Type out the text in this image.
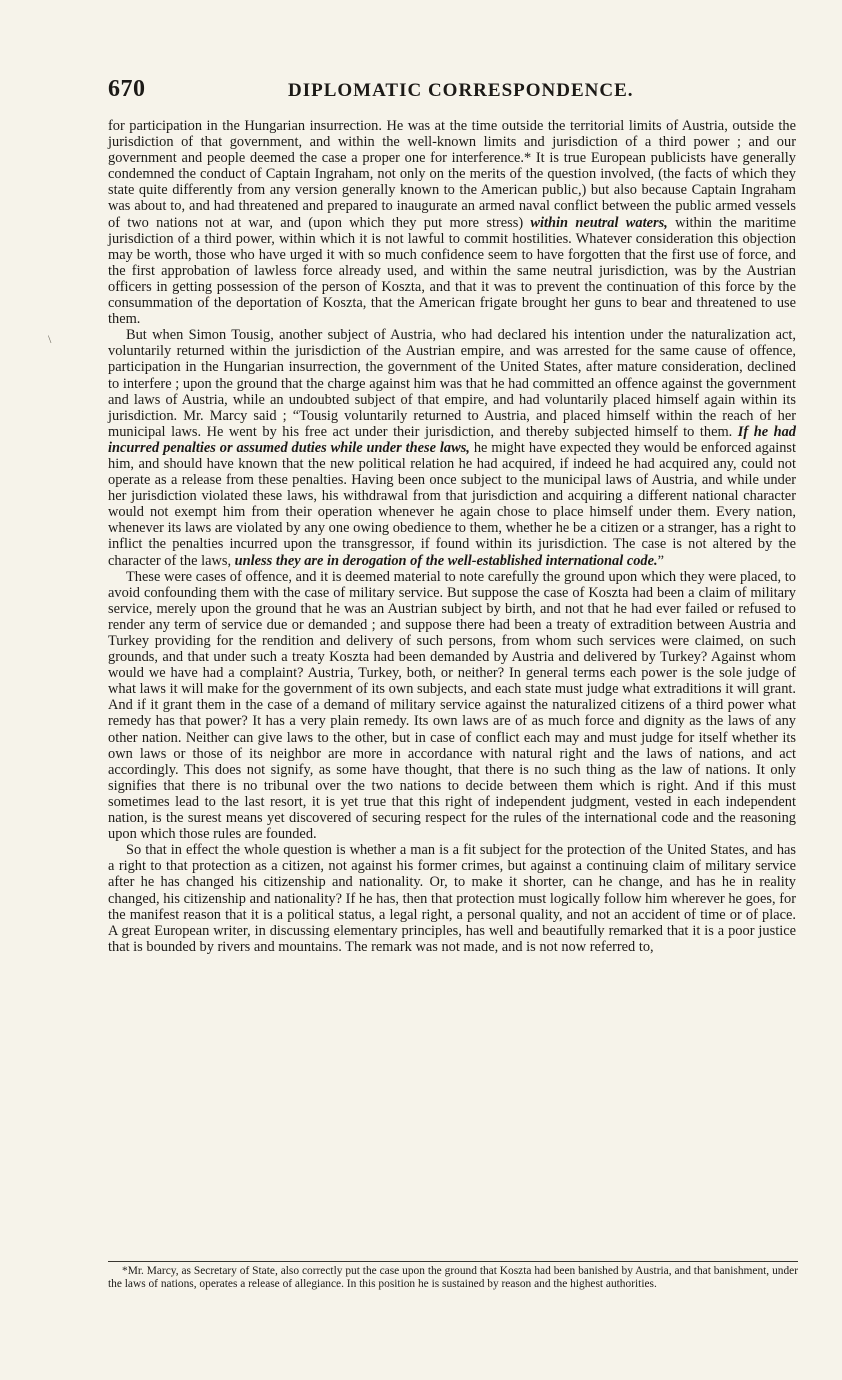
670	DIPLOMATIC CORRESPONDENCE.

for participation in the Hungarian insurrection. He was at the time outside the territorial limits of Austria, outside the jurisdiction of that government, and within the well-known limits and jurisdiction of a third power ; and our government and people deemed the case a proper one for interference.* It is true European publicists have generally condemned the conduct of Captain Ingraham, not only on the merits of the question involved, (the facts of which they state quite differently from any version generally known to the American public,) but also because Captain Ingraham was about to, and had threatened and prepared to inaugurate an armed naval conflict between the public armed vessels of two nations not at war, and (upon which they put more stress) within neutral waters, within the maritime jurisdiction of a third power, within which it is not lawful to commit hostilities. Whatever consideration this objection may be worth, those who have urged it with so much confidence seem to have forgotten that the first use of force, and the first approbation of lawless force already used, and within the same neutral jurisdiction, was by the Austrian officers in getting possession of the person of Koszta, and that it was to prevent the continuation of this force by the consummation of the deportation of Koszta, that the American frigate brought her guns to bear and threatened to use them.

But when Simon Tousig, another subject of Austria, who had declared his intention under the naturalization act, voluntarily returned within the jurisdiction of the Austrian empire, and was arrested for the same cause of offence, participation in the Hungarian insurrection, the government of the United States, after mature consideration, declined to interfere ; upon the ground that the charge against him was that he had committed an offence against the government and laws of Austria, while an undoubted subject of that empire, and had voluntarily placed himself again within its jurisdiction. Mr. Marcy said ; “Tousig voluntarily returned to Austria, and placed himself within the reach of her municipal laws. He went by his free act under their jurisdiction, and thereby subjected himself to them. If he had incurred penalties or assumed duties while under these laws, he might have expected they would be enforced against him, and should have known that the new political relation he had acquired, if indeed he had acquired any, could not operate as a release from these penalties. Having been once subject to the municipal laws of Austria, and while under her jurisdiction violated these laws, his withdrawal from that jurisdiction and acquiring a different national character would not exempt him from their operation whenever he again chose to place himself under them. Every nation, whenever its laws are violated by any one owing obedience to them, whether he be a citizen or a stranger, has a right to inflict the penalties incurred upon the transgressor, if found within its jurisdiction. The case is not altered by the character of the laws, unless they are in derogation of the well-established international code.”

These were cases of offence, and it is deemed material to note carefully the ground upon which they were placed, to avoid confounding them with the case of military service. But suppose the case of Koszta had been a claim of military service, merely upon the ground that he was an Austrian subject by birth, and not that he had ever failed or refused to render any term of service due or demanded ; and suppose there had been a treaty of extradition between Austria and Turkey providing for the rendition and delivery of such persons, from whom such services were claimed, on such grounds, and that under such a treaty Koszta had been demanded by Austria and delivered by Turkey? Against whom would we have had a complaint? Austria, Turkey, both, or neither? In general terms each power is the sole judge of what laws it will make for the government of its own subjects, and each state must judge what extraditions it will grant. And if it grant them in the case of a demand of military service against the naturalized citizens of a third power what remedy has that power? It has a very plain remedy. Its own laws are of as much force and dignity as the laws of any other nation. Neither can give laws to the other, but in case of conflict each may and must judge for itself whether its own laws or those of its neighbor are more in accordance with natural right and the laws of nations, and act accordingly. This does not signify, as some have thought, that there is no such thing as the law of nations. It only signifies that there is no tribunal over the two nations to decide between them which is right. And if this must sometimes lead to the last resort, it is yet true that this right of independent judgment, vested in each independent nation, is the surest means yet discovered of securing respect for the rules of the international code and the reasoning upon which those rules are founded.

So that in effect the whole question is whether a man is a fit subject for the protection of the United States, and has a right to that protection as a citizen, not against his former crimes, but against a continuing claim of military service after he has changed his citizenship and nationality. Or, to make it shorter, can he change, and has he in reality changed, his citizenship and nationality? If he has, then that protection must logically follow him wherever he goes, for the manifest reason that it is a political status, a legal right, a personal quality, and not an accident of time or of place. A great European writer, in discussing elementary principles, has well and beautifully remarked that it is a poor justice that is bounded by rivers and mountains. The remark was not made, and is not now referred to,

*Mr. Marcy, as Secretary of State, also correctly put the case upon the ground that Koszta had been banished by Austria, and that banishment, under the laws of nations, operates a release of allegiance. In this position he is sustained by reason and the highest authorities.
\
